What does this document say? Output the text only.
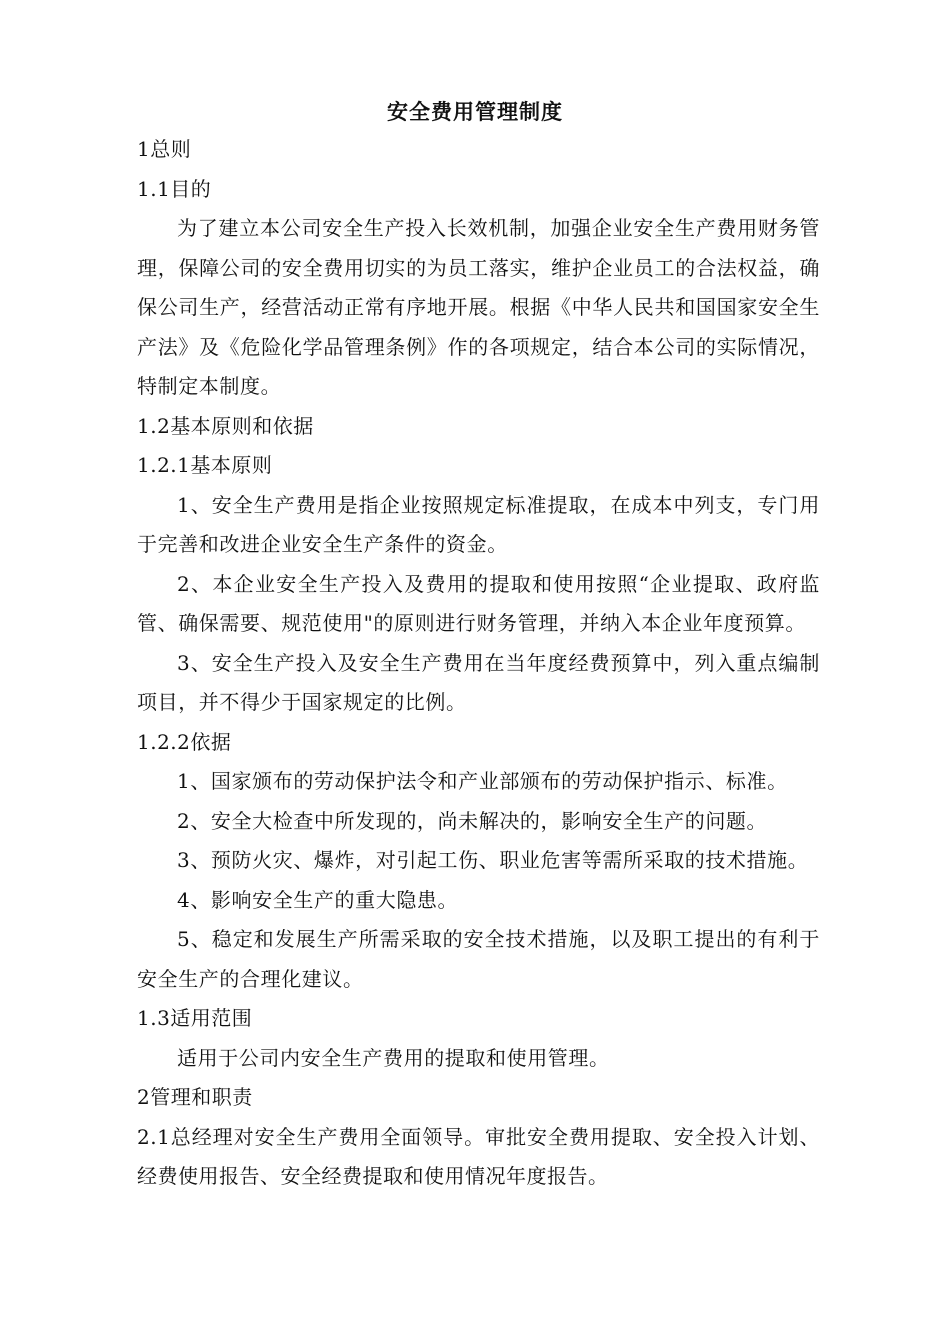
安全费用管理制度

1总则

1.1目的

为了建立本公司安全生产投入长效机制，加强企业安全生产费用财务管理，保障公司的安全费用切实的为员工落实，维护企业员工的合法权益，确保公司生产，经营活动正常有序地开展。根据《中华人民共和国国家安全生产法》及《危险化学品管理条例》作的各项规定，结合本公司的实际情况，特制定本制度。

1.2基本原则和依据

1.2.1基本原则

1、安全生产费用是指企业按照规定标准提取，在成本中列支，专门用于完善和改进企业安全生产条件的资金。

2、本企业安全生产投入及费用的提取和使用按照“企业提取、政府监管、确保需要、规范使用"的原则进行财务管理，并纳入本企业年度预算。

3、安全生产投入及安全生产费用在当年度经费预算中，列入重点编制项目，并不得少于国家规定的比例。

1.2.2依据

1、国家颁布的劳动保护法令和产业部颁布的劳动保护指示、标准。

2、安全大检查中所发现的，尚未解决的，影响安全生产的问题。

3、预防火灾、爆炸，对引起工伤、职业危害等需所采取的技术措施。

4、影响安全生产的重大隐患。

5、稳定和发展生产所需采取的安全技术措施，以及职工提出的有利于安全生产的合理化建议。

1.3适用范围

适用于公司内安全生产费用的提取和使用管理。

2管理和职责

2.1总经理对安全生产费用全面领导。审批安全费用提取、安全投入计划、经费使用报告、安全经费提取和使用情况年度报告。
